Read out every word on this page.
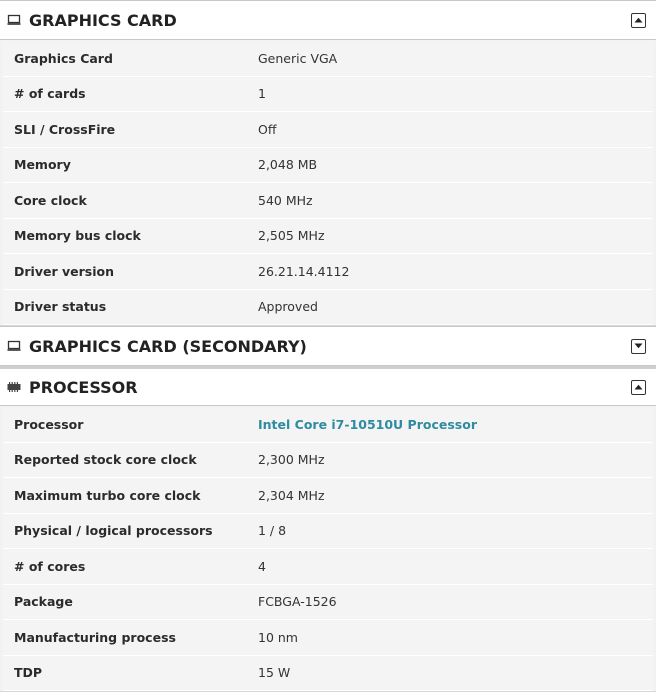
GRAPHICS CARD
Graphics Card	Generic VGA
# of cards	1
SLI / CrossFire	Off
Memory	2,048 MB
Core clock	540 MHz
Memory bus clock	2,505 MHz
Driver version	26.21.14.4112
Driver status	Approved
GRAPHICS CARD (SECONDARY)
PROCESSOR
Processor	Intel Core i7-10510U Processor
Reported stock core clock	2,300 MHz
Maximum turbo core clock	2,304 MHz
Physical / logical processors	1 / 8
# of cores	4
Package	FCBGA-1526
Manufacturing process	10 nm
TDP	15 W
